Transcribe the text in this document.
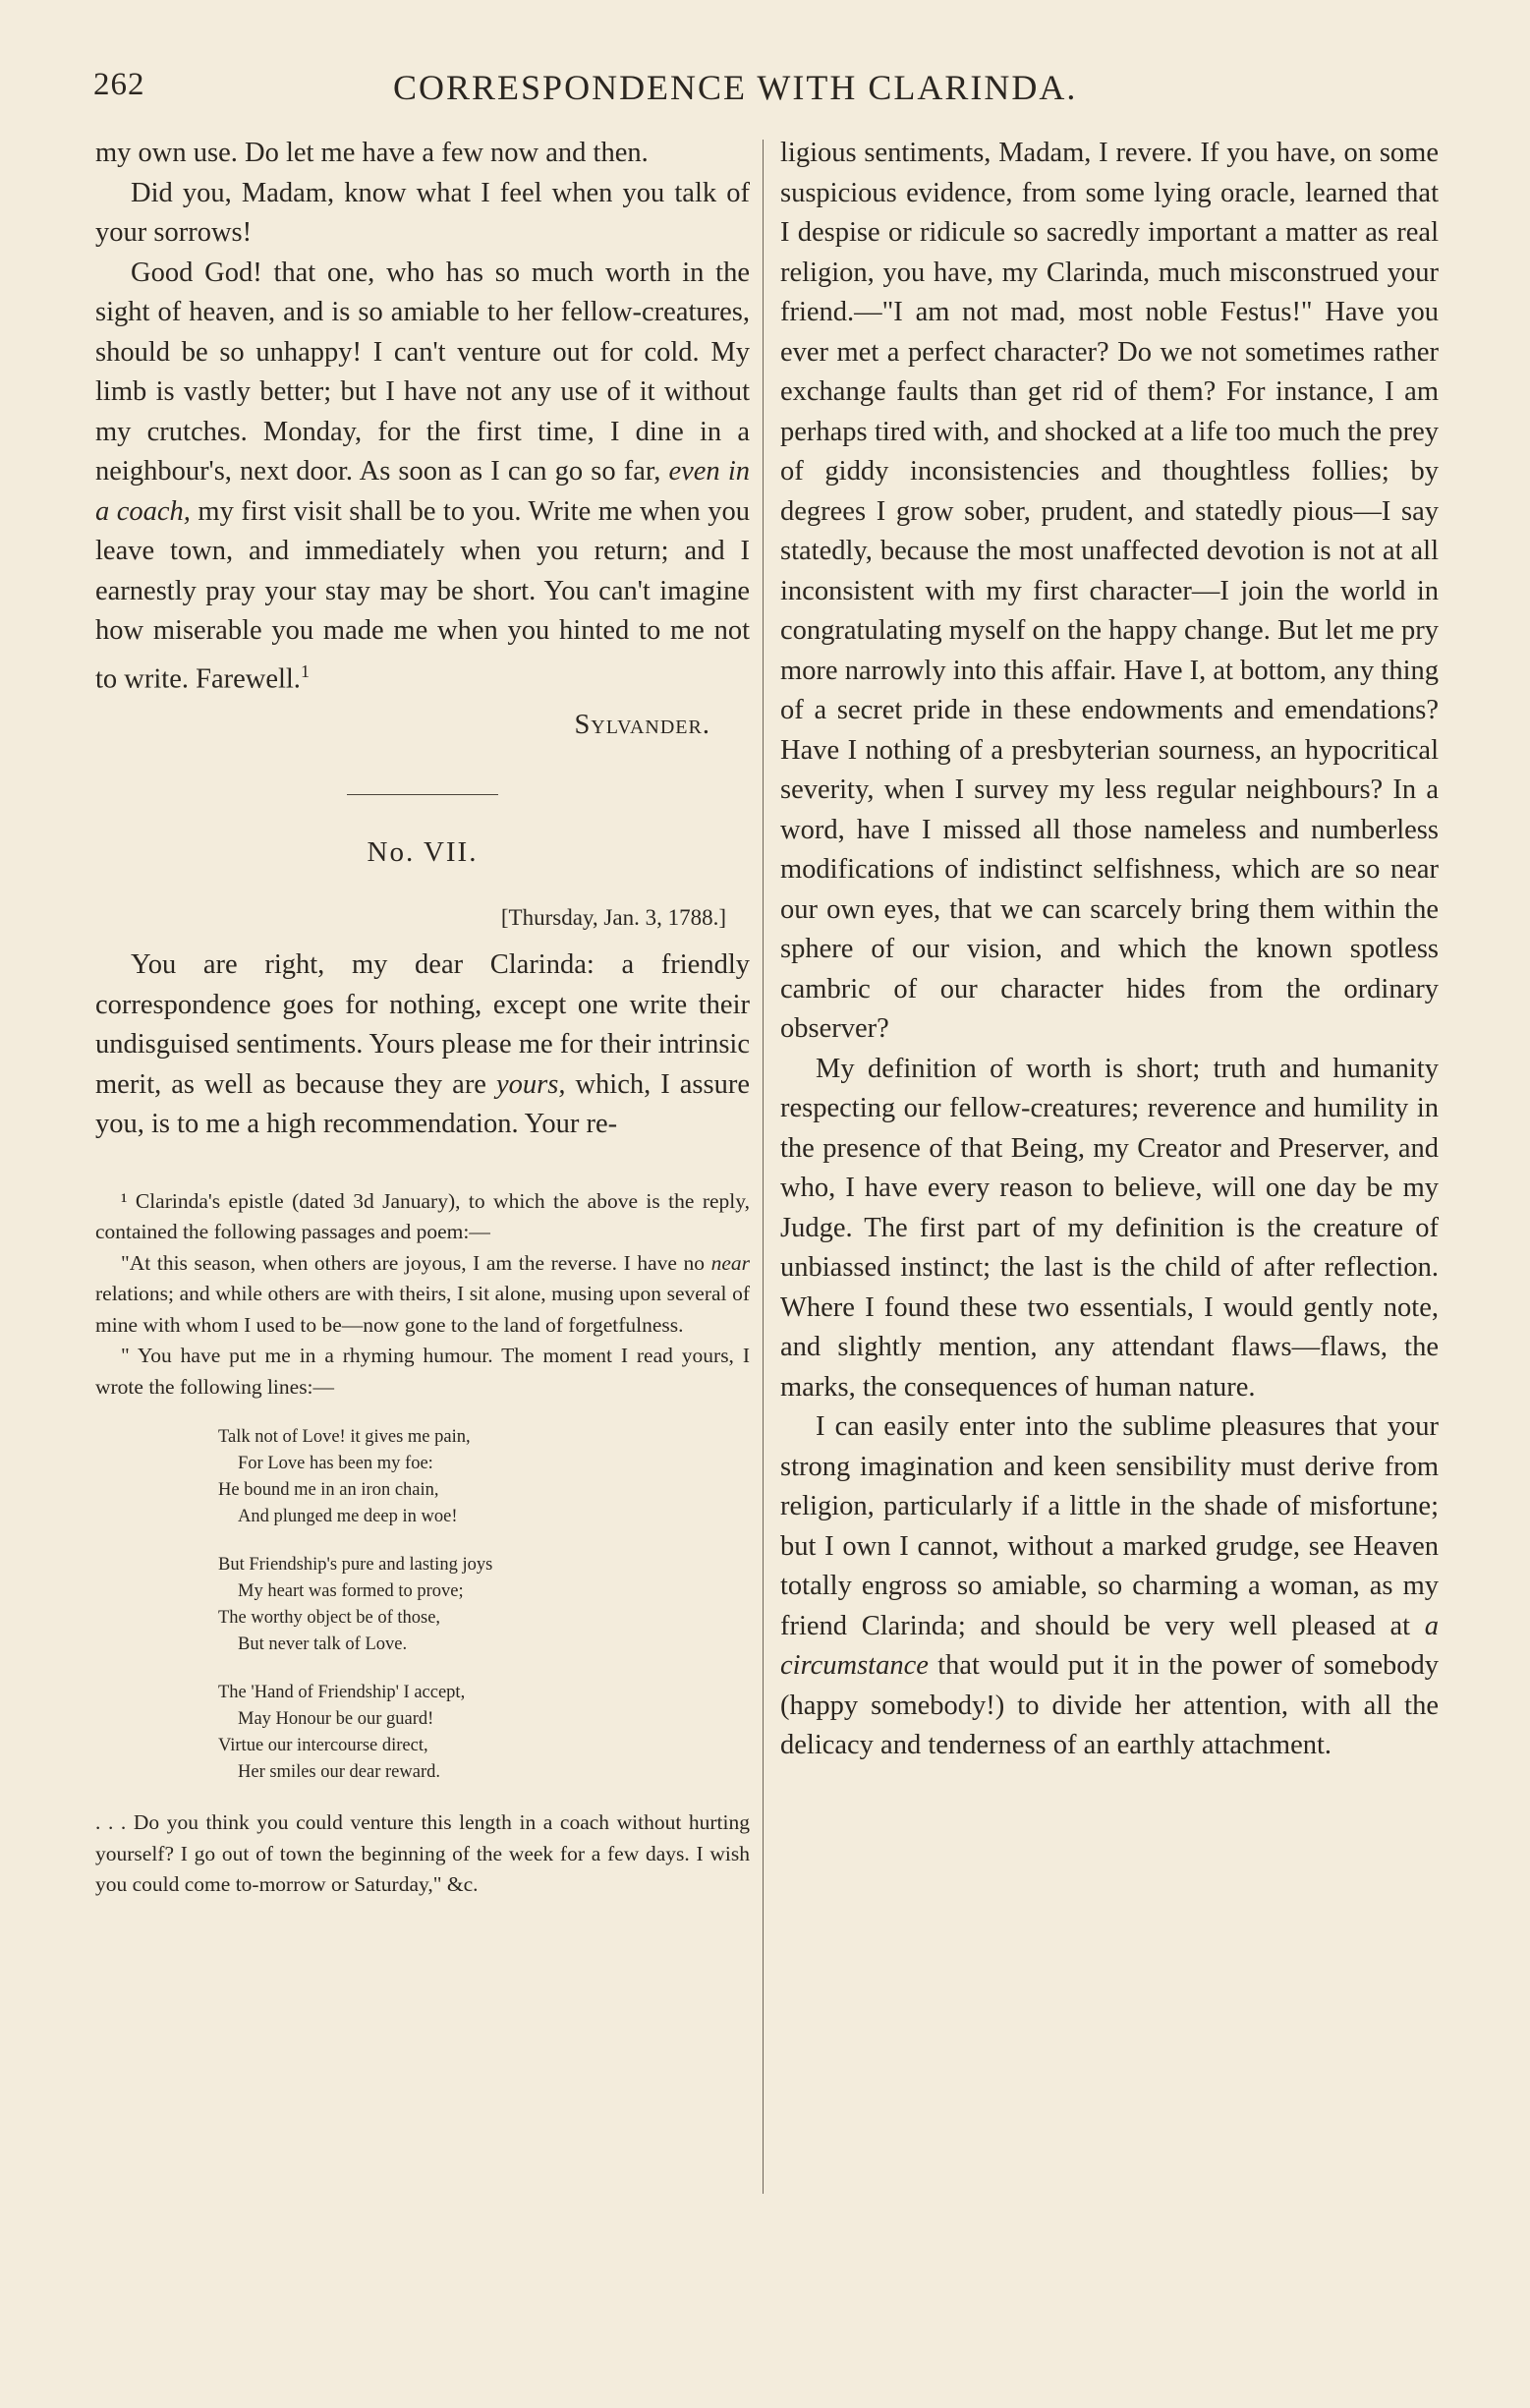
262	CORRESPONDENCE WITH CLARINDA.

my own use. Do let me have a few now and then.

Did you, Madam, know what I feel when you talk of your sorrows!

Good God! that one, who has so much worth in the sight of heaven, and is so amiable to her fellow-creatures, should be so unhappy! I can't venture out for cold. My limb is vastly better; but I have not any use of it without my crutches. Monday, for the first time, I dine in a neighbour's, next door. As soon as I can go so far, even in a coach, my first visit shall be to you. Write me when you leave town, and immediately when you return; and I earnestly pray your stay may be short. You can't imagine how miserable you made me when you hinted to me not to write. Farewell.$^1$

Sylvander.
No. VII.
[Thursday, Jan. 3, 1788.]

You are right, my dear Clarinda: a friendly correspondence goes for nothing, except one write their undisguised sentiments. Yours please me for their intrinsic merit, as well as because they are yours, which, I assure you, is to me a high recommendation. Your re-

¹ Clarinda's epistle (dated 3d January), to which the above is the reply, contained the following passages and poem:—

"At this season, when others are joyous, I am the reverse. I have no near relations; and while others are with theirs, I sit alone, musing upon several of mine with whom I used to be—now gone to the land of forgetfulness.

" You have put me in a rhyming humour. The moment I read yours, I wrote the following lines:—

Talk not of Love! it gives me pain,
For Love has been my foe:
He bound me in an iron chain,
And plunged me deep in woe!
But Friendship's pure and lasting joys
My heart was formed to prove;
The worthy object be of those,
But never talk of Love.
The 'Hand of Friendship' I accept,
May Honour be our guard!
Virtue our intercourse direct,
Her smiles our dear reward.

. . . Do you think you could venture this length in a coach without hurting yourself? I go out of town the beginning of the week for a few days. I wish you could come to-morrow or Saturday," &c.

ligious sentiments, Madam, I revere. If you have, on some suspicious evidence, from some lying oracle, learned that I despise or ridicule so sacredly important a matter as real religion, you have, my Clarinda, much misconstrued your friend.—"I am not mad, most noble Festus!" Have you ever met a perfect character? Do we not sometimes rather exchange faults than get rid of them? For instance, I am perhaps tired with, and shocked at a life too much the prey of giddy inconsistencies and thoughtless follies; by degrees I grow sober, prudent, and statedly pious—I say statedly, because the most unaffected devotion is not at all inconsistent with my first character—I join the world in congratulating myself on the happy change. But let me pry more narrowly into this affair. Have I, at bottom, any thing of a secret pride in these endowments and emendations? Have I nothing of a presbyterian sourness, an hypocritical severity, when I survey my less regular neighbours? In a word, have I missed all those nameless and numberless modifications of indistinct selfishness, which are so near our own eyes, that we can scarcely bring them within the sphere of our vision, and which the known spotless cambric of our character hides from the ordinary observer?

My definition of worth is short; truth and humanity respecting our fellow-creatures; reverence and humility in the presence of that Being, my Creator and Preserver, and who, I have every reason to believe, will one day be my Judge. The first part of my definition is the creature of unbiassed instinct; the last is the child of after reflection. Where I found these two essentials, I would gently note, and slightly mention, any attendant flaws—flaws, the marks, the consequences of human nature.

I can easily enter into the sublime pleasures that your strong imagination and keen sensibility must derive from religion, particularly if a little in the shade of misfortune; but I own I cannot, without a marked grudge, see Heaven totally engross so amiable, so charming a woman, as my friend Clarinda; and should be very well pleased at a circumstance that would put it in the power of somebody (happy somebody!) to divide her attention, with all the delicacy and tenderness of an earthly attachment.
